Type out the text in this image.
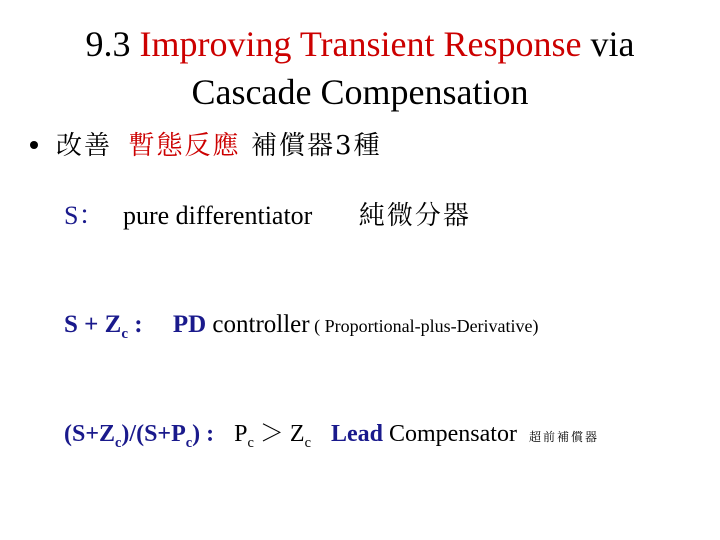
9.3 Improving Transient Response via
Cascade Compensation
改善 暫態反應 補償器3種
S： pure differentiator 純微分器
$S + Z_c$ : PD controller ( Proportional-plus-Derivative)
$(S+Z_c)/(S+P_c)$ : $P_c > Z_c$ Lead Compensator 超前補償器
